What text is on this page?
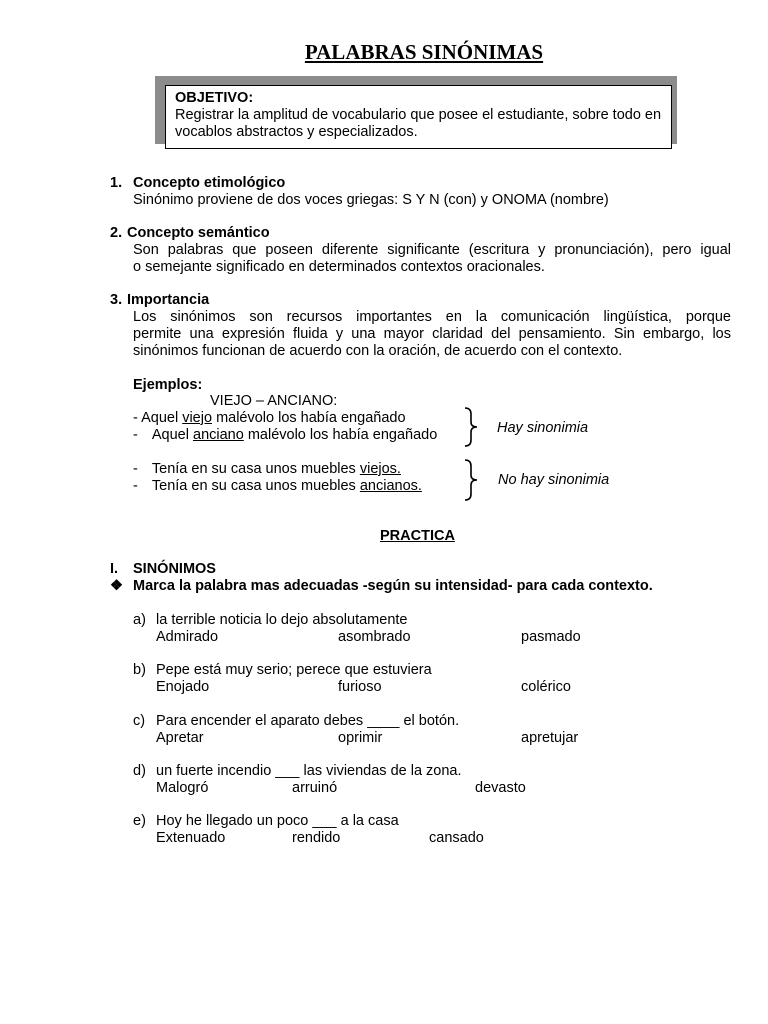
PALABRAS SINÓNIMAS
OBJETIVO:
Registrar la amplitud de vocabulario que posee el estudiante, sobre todo en vocablos abstractos y especializados.
1. Concepto etimológico
Sinónimo proviene de dos voces griegas: S Y N (con) y ONOMA (nombre)
2. Concepto semántico
Son palabras que poseen diferente significante (escritura y pronunciación), pero igual
o semejante significado en determinados contextos oracionales.
3. Importancia
Los sinónimos son recursos importantes en la comunicación lingüística, porque
permite una expresión fluida y una mayor claridad del pensamiento. Sin embargo, los
sinónimos funcionan de acuerdo con la oración, de acuerdo con el contexto.
Ejemplos:
VIEJO – ANCIANO:
- Aquel viejo malévolo los había engañado
- Aquel anciano malévolo los había engañado	Hay sinonimia
- Tenía en su casa unos muebles viejos.
- Tenía en su casa unos muebles ancianos.	No hay sinonimia
PRACTICA
I. SINÓNIMOS
❖ Marca la palabra mas adecuadas -según su intensidad- para cada contexto.
a) la terrible noticia lo dejo absolutamente
Admirado	asombrado	pasmado
b) Pepe está muy serio; perece que estuviera
Enojado	furioso	colérico
c) Para encender el aparato debes ____ el botón.
Apretar	oprimir	apretujar
d) un fuerte incendio ___ las viviendas de la zona.
Malogró	arruinó	devasto
e) Hoy he llegado un poco ___ a la casa
Extenuado	rendido	cansado
